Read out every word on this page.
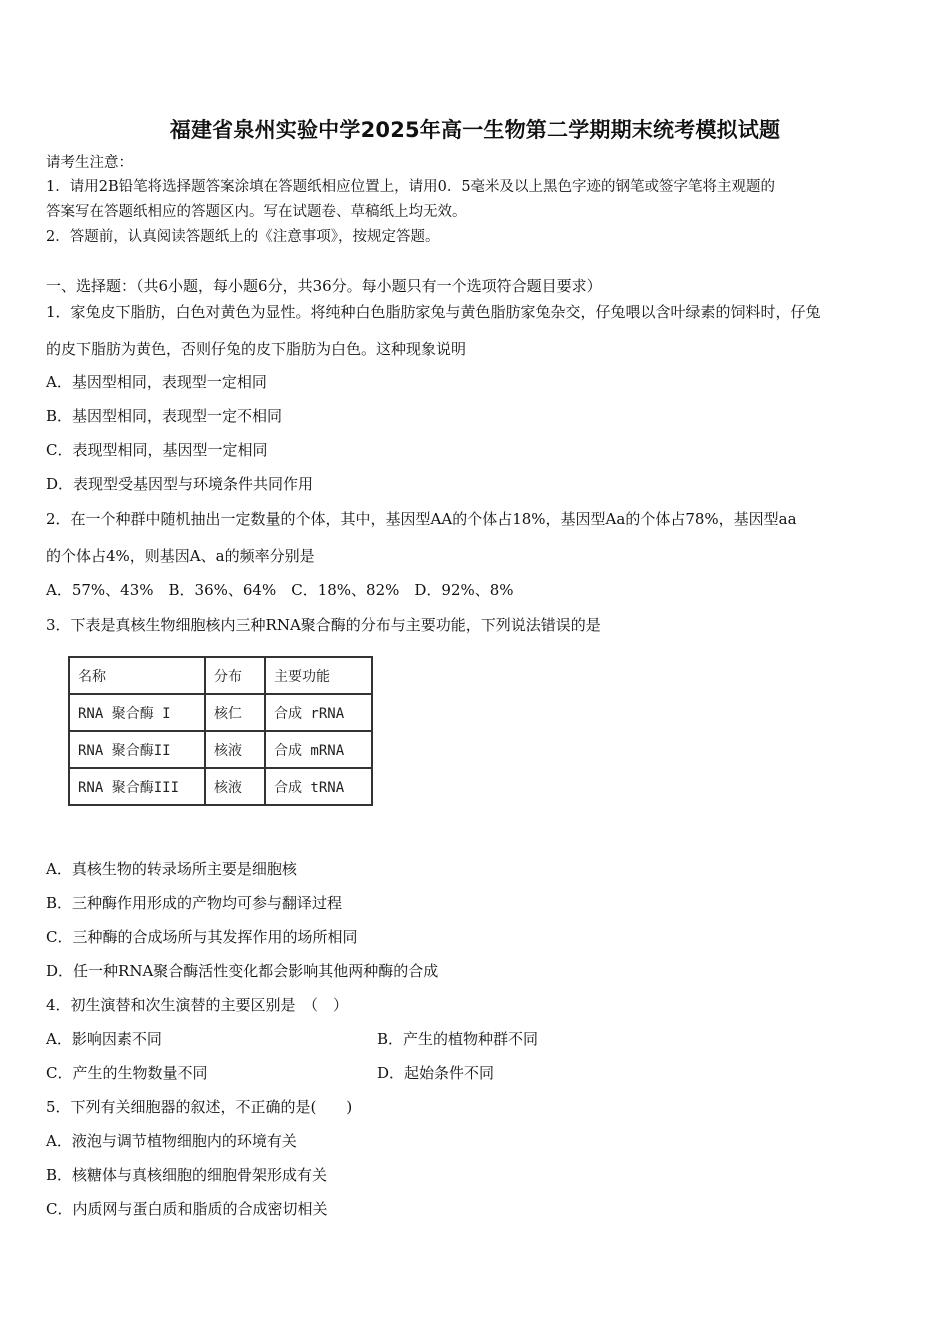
福建省泉州实验中学2025年高一生物第二学期期末统考模拟试题
请考生注意：
1．请用2B铅笔将选择题答案涂填在答题纸相应位置上，请用0．5毫米及以上黑色字迹的钢笔或签字笔将主观题的
答案写在答题纸相应的答题区内。写在试题卷、草稿纸上均无效。
2．答题前，认真阅读答题纸上的《注意事项》，按规定答题。
一、选择题：（共6小题，每小题6分，共36分。每小题只有一个选项符合题目要求）
1．家兔皮下脂肪，白色对黄色为显性。将纯种白色脂肪家兔与黄色脂肪家兔杂交，仔兔喂以含叶绿素的饲料时，仔兔
的皮下脂肪为黄色，否则仔兔的皮下脂肪为白色。这种现象说明
A．基因型相同，表现型一定相同
B．基因型相同，表现型一定不相同
C．表现型相同，基因型一定相同
D．表现型受基因型与环境条件共同作用
2．在一个种群中随机抽出一定数量的个体，其中，基因型AA的个体占18%，基因型Aa的个体占78%，基因型aa
的个体占4%，则基因A、a的频率分别是
A．57%、43%　B．36%、64%　C．18%、82%　D．92%、8%
3．下表是真核生物细胞核内三种RNA聚合酶的分布与主要功能，下列说法错误的是
名称	分布	主要功能
RNA 聚合酶 I	核仁	合成 rRNA
RNA 聚合酶II	核液	合成 mRNA
RNA 聚合酶III	核液	合成 tRNA
A．真核生物的转录场所主要是细胞核
B．三种酶作用形成的产物均可参与翻译过程
C．三种酶的合成场所与其发挥作用的场所相同
D．任一种RNA聚合酶活性变化都会影响其他两种酶的合成
4．初生演替和次生演替的主要区别是　（　）
A．影响因素不同	B．产生的植物种群不同
C．产生的生物数量不同	D．起始条件不同
5．下列有关细胞器的叙述，不正确的是(　　)
A．液泡与调节植物细胞内的环境有关
B．核糖体与真核细胞的细胞骨架形成有关
C．内质网与蛋白质和脂质的合成密切相关
